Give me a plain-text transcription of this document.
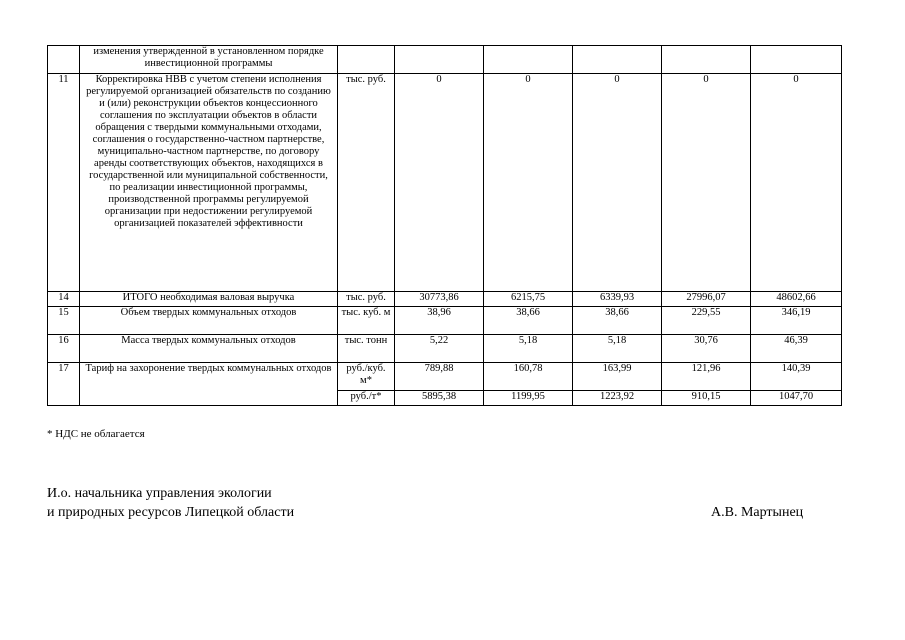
	изменения утвержденной в установленном порядке инвестиционной программы						
11	Корректировка НВВ с учетом степени исполнения регулируемой организацией обязательств по созданию и (или) реконструкции объектов концессионного соглашения по эксплуатации объектов в области обращения с твердыми коммунальными отходами, соглашения о государственно-частном партнерстве, муниципально-частном партнерстве, по договору аренды соответствующих объектов, находящихся в государственной или муниципальной собственности, по реализации инвестиционной программы, производственной программы регулируемой организации при недостижении регулируемой организацией показателей эффективности	тыс. руб.	0	0	0	0	0
14	ИТОГО необходимая валовая выручка	тыс. руб.	30773,86	6215,75	6339,93	27996,07	48602,66
15	Объем твердых коммунальных отходов	тыс. куб. м	38,96	38,66	38,66	229,55	346,19
16	Масса твердых коммунальных отходов	тыс. тонн	5,22	5,18	5,18	30,76	46,39
17	Тариф на захоронение твердых коммунальных отходов	руб./куб. м*	789,88	160,78	163,99	121,96	140,39
		руб./т*	5895,38	1199,95	1223,92	910,15	1047,70
* НДС не облагается
И.о. начальника управления экологии
и природных ресурсов Липецкой области	А.В. Мартынец
